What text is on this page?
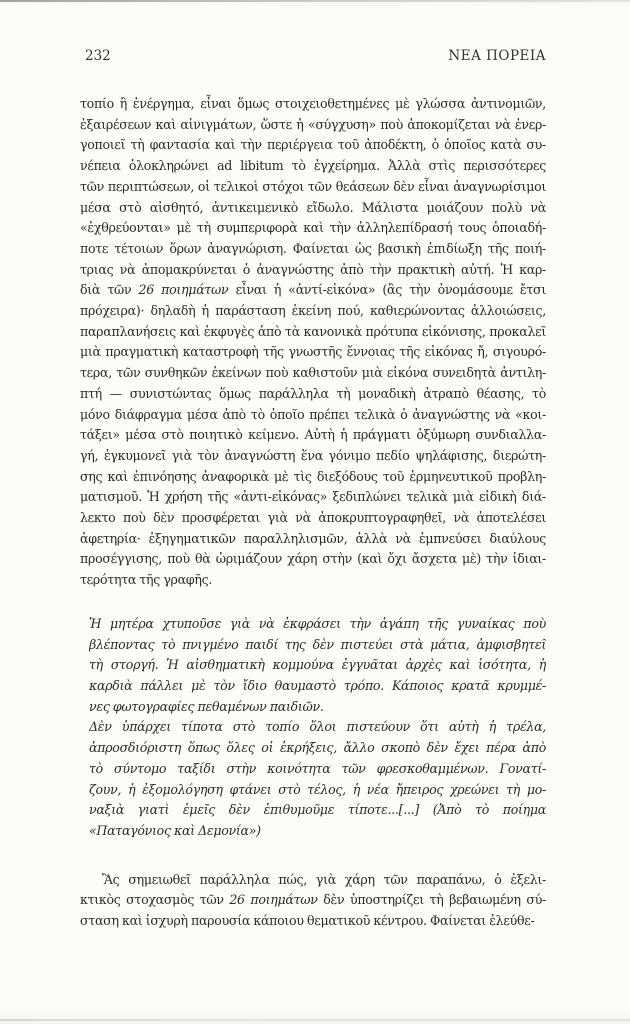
232	ΝΕΑ ΠΟΡΕΙΑ
τοπίο ἢ ἐνέργημα, εἶναι ὅμως στοιχειοθετημένες μὲ γλώσσα ἀντινομιῶν,
ἐξαιρέσεων καὶ αἰνιγμάτων, ὥστε ἡ «σύγχυση» ποὺ ἀποκομίζεται νὰ ἐνερ-
γοποιεῖ τὴ φαντασία καὶ τὴν περιέργεια τοῦ ἀποδέκτη, ὁ ὁποῖος κατὰ συ-
νέπεια ὁλοκληρώνει ad libitum τὸ ἐγχείρημα. Ἀλλὰ στὶς περισσότερες
τῶν περιπτώσεων, οἱ τελικοὶ στόχοι τῶν θεάσεων δὲν εἶναι ἀναγνωρίσιμοι
μέσα στὸ αἰσθητό, ἀντικειμενικὸ εἴδωλο. Μάλιστα μοιάζουν πολὺ νὰ
«ἐχθρεύονται» μὲ τὴ συμπεριφορὰ καὶ τὴν ἀλληλεπίδρασή τους ὁποιαδή-
ποτε τέτοιων ὅρων ἀναγνώριση. Φαίνεται ὡς βασικὴ ἐπιδίωξη τῆς ποιή-
τριας νὰ ἀπομακρύνεται ὁ ἀναγνώστης ἀπὸ τὴν πρακτικὴ αὐτή. Ἡ καρ-
διὰ τῶν 26 ποιημάτων εἶναι ἡ «ἀντί-εἰκόνα» (ἂς τὴν ὀνομάσουμε ἔτσι
πρόχειρα)· δηλαδὴ ἡ παράσταση ἐκείνη πού, καθιερώνοντας ἀλλοιώσεις,
παραπλανήσεις καὶ ἐκφυγὲς ἀπὸ τὰ κανονικὰ πρότυπα εἰκόνισης, προκαλεῖ
μιὰ πραγματικὴ καταστροφὴ τῆς γνωστῆς ἔννοιας τῆς εἰκόνας ἤ, σιγουρό-
τερα, τῶν συνθηκῶν ἐκείνων ποὺ καθιστοῦν μιὰ εἰκόνα συνειδητὰ ἀντιλη-
πτή — συνιστώντας ὅμως παράλληλα τὴ μοναδικὴ ἀτραπὸ θέασης, τὸ
μόνο διάφραγμα μέσα ἀπὸ τὸ ὁποῖο πρέπει τελικὰ ὁ ἀναγνώστης νὰ «κοι-
τάξει» μέσα στὸ ποιητικὸ κείμενο. Αὐτὴ ἡ πράγματι ὀξύμωρη συνδιαλλα-
γή, ἐγκυμονεῖ γιὰ τὸν ἀναγνώστη ἕνα γόνιμο πεδίο ψηλάφισης, διερώτη-
σης καὶ ἐπινόησης ἀναφορικὰ μὲ τὶς διεξόδους τοῦ ἑρμηνευτικοῦ προβλη-
ματισμοῦ. Ἡ χρήση τῆς «ἀντι-εἰκόνας» ξεδιπλώνει τελικὰ μιὰ εἰδικὴ διά-
λεκτο ποὺ δὲν προσφέρεται γιὰ νὰ ἀποκρυπτογραφηθεῖ, νὰ ἀποτελέσει
ἀφετηρία· ἐξηγηματικῶν παραλληλισμῶν, ἀλλὰ νὰ ἐμπνεύσει διαύλους
προσέγγισης, ποὺ θὰ ὡριμάζουν χάρη στὴν (καὶ ὄχι ἄσχετα μὲ) τὴν ἰδιαι-
τερότητα τῆς γραφῆς.
Ἡ μητέρα χτυποῦσε γιὰ νὰ ἐκφράσει τὴν ἀγάπη τῆς γυναίκας ποὺ
βλέποντας τὸ πνιγμένο παιδί της δὲν πιστεύει στὰ μάτια, ἀμφισβητεῖ
τὴ στοργή. Ἡ αἰσθηματικὴ κομμούνα ἐγγυᾶται ἀρχὲς καὶ ἰσότητα, ἡ
καρδιὰ πάλλει μὲ τὸν ἴδιο θαυμαστὸ τρόπο. Κάποιος κρατᾶ κρυμμέ-
νες φωτογραφίες πεθαμένων παιδιῶν.
Δὲν ὑπάρχει τίποτα στὸ τοπίο ὅλοι πιστεύουν ὅτι αὐτὴ ἡ τρέλα,
ἀπροσδιόριστη ὅπως ὅλες οἱ ἐκρήξεις, ἄλλο σκοπὸ δὲν ἔχει πέρα ἀπὸ
τὸ σύντομο ταξίδι στὴν κοινότητα τῶν φρεσκοθαμμένων. Γονατί-
ζουν, ἡ ἐξομολόγηση φτάνει στὸ τέλος, ἡ νέα ἤπειρος χρεώνει τὴ μο-
ναξιὰ γιατὶ ἐμεῖς δὲν ἐπιθυμοῦμε τίποτε...[...] (Ἀπὸ τὸ ποίημα
«Παταγόνιος καὶ Δεμονία»)
Ἂς σημειωθεῖ παράλληλα πώς, γιὰ χάρη τῶν παραπάνω, ὁ ἐξελι-
κτικὸς στοχασμὸς τῶν 26 ποιημάτων δὲν ὑποστηρίζει τὴ βεβαιωμένη σύ-
σταση καὶ ἰσχυρὴ παρουσία κάποιου θεματικοῦ κέντρου. Φαίνεται ἐλεύθε-
